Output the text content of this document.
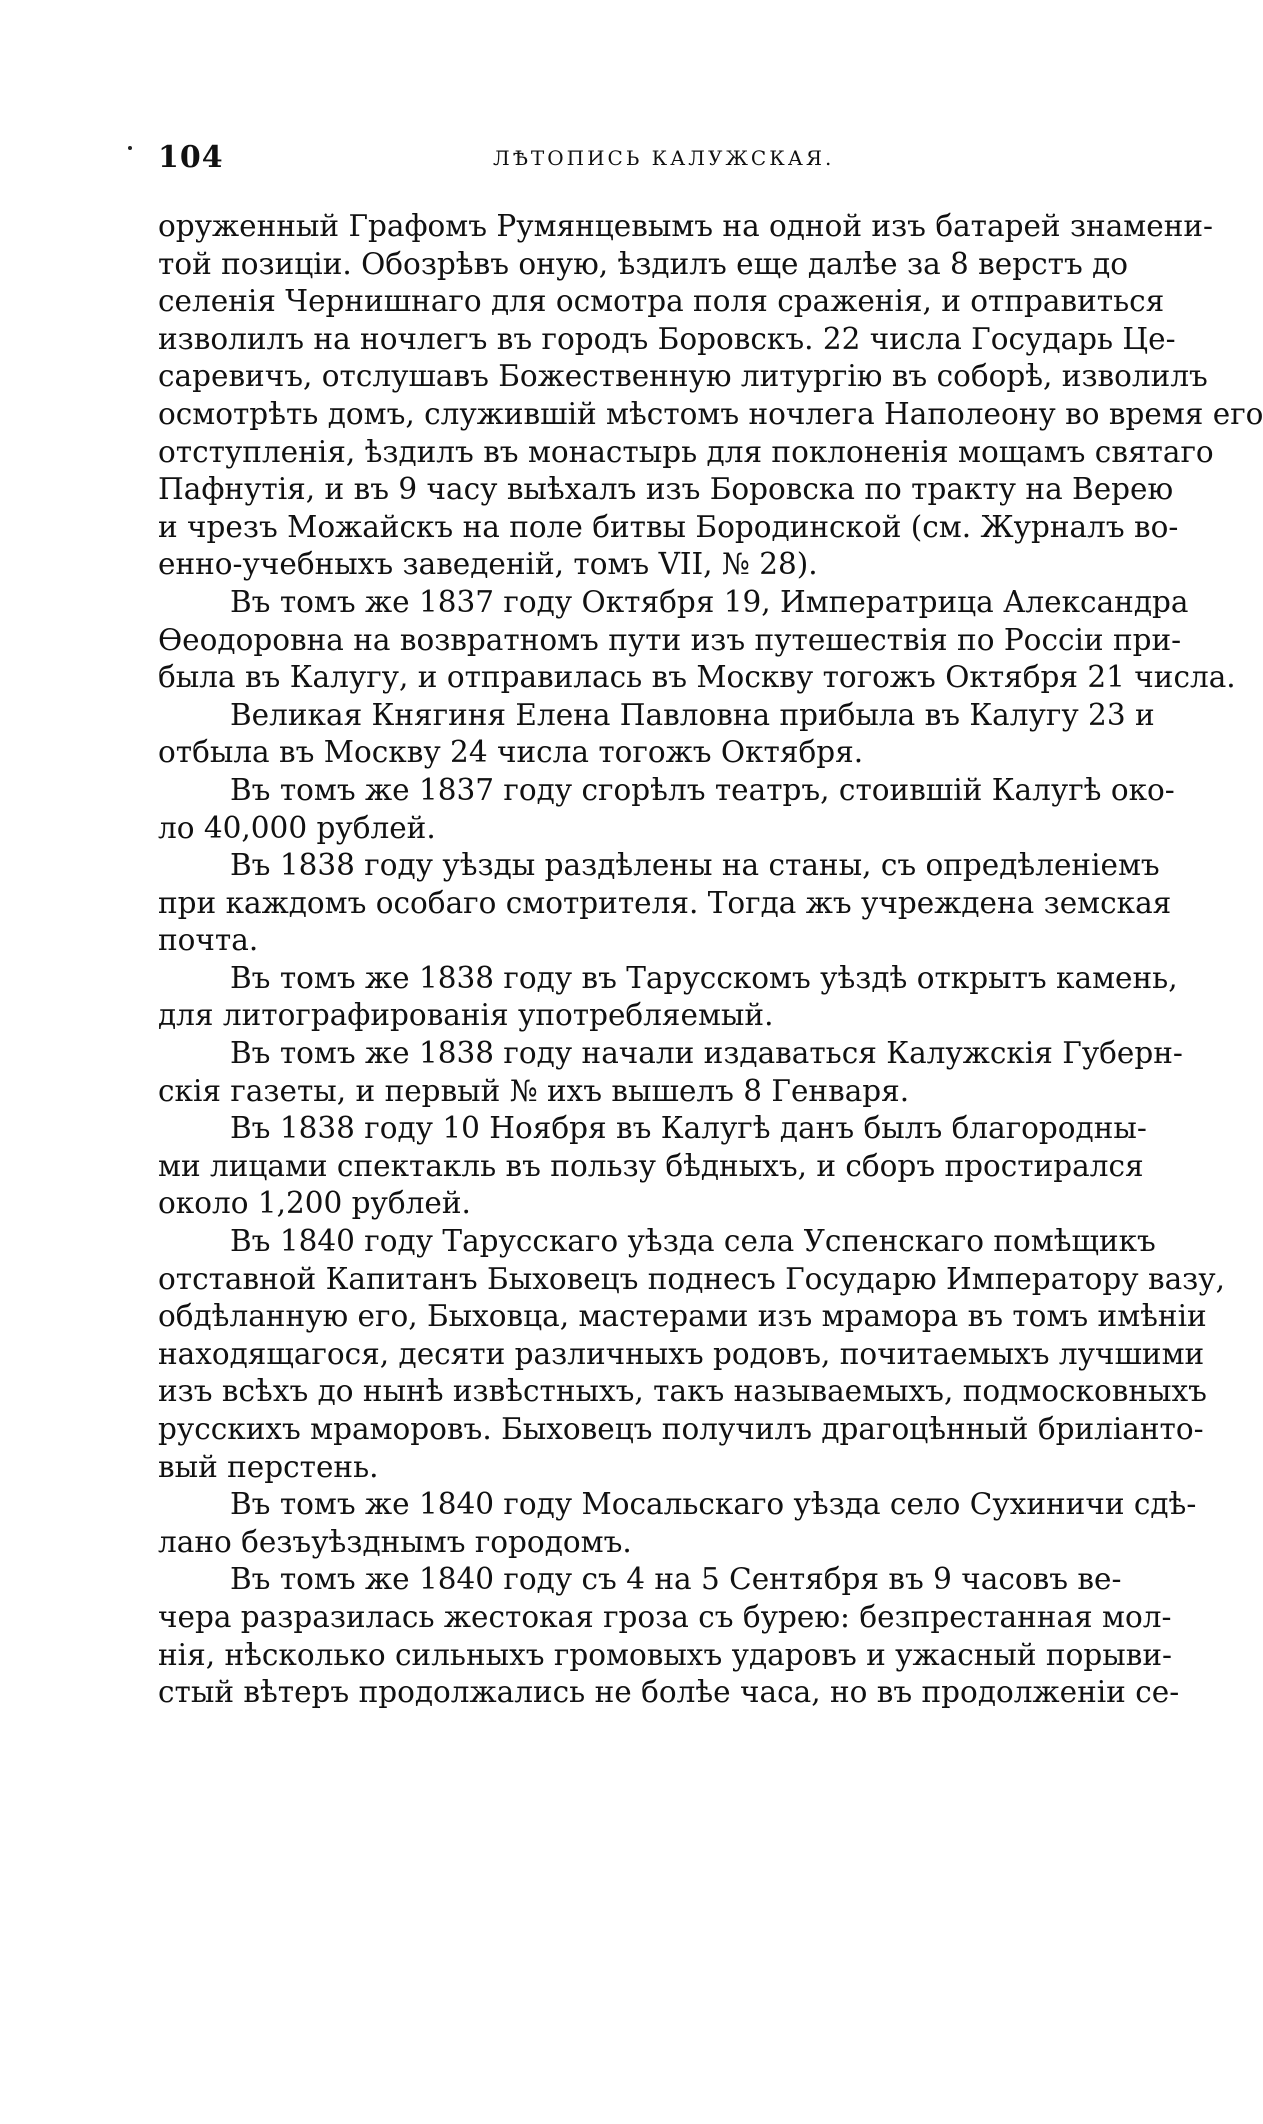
104	ЛѢТОПИСЬ КАЛУЖСКАЯ.
оруженный Графомъ Румянцевымъ на одной изъ батарей знамени-
той позиціи. Обозрѣвъ оную, ѣздилъ еще далѣе за 8 верстъ до
селенія Чернишнаго для осмотра поля сраженія, и отправиться
изволилъ на ночлегъ въ городъ Боровскъ. 22 числа Государь Це-
саревичъ, отслушавъ Божественную литургію въ соборѣ, изволилъ
осмотрѣть домъ, служившій мѣстомъ ночлега Наполеону во время его
отступленія, ѣздилъ въ монастырь для поклоненія мощамъ святаго
Пафнутія, и въ 9 часу выѣхалъ изъ Боровска по тракту на Верею
и чрезъ Можайскъ на поле битвы Бородинской (см. Журналъ во-
енно-учебныхъ заведеній, томъ VII, № 28).
Въ томъ же 1837 году Октября 19, Императрица Александра
Ѳеодоровна на возвратномъ пути изъ путешествія по Россіи при-
была въ Калугу, и отправилась въ Москву тогожъ Октября 21 числа.
Великая Княгиня Елена Павловна прибыла въ Калугу 23 и
отбыла въ Москву 24 числа тогожъ Октября.
Въ томъ же 1837 году сгорѣлъ театръ, стоившій Калугѣ око-
ло 40,000 рублей.
Въ 1838 году уѣзды раздѣлены на станы, съ опредѣленіемъ
при каждомъ особаго смотрителя. Тогда жъ учреждена земская
почта.
Въ томъ же 1838 году въ Тарусскомъ уѣздѣ открытъ камень,
для литографированія употребляемый.
Въ томъ же 1838 году начали издаваться Калужскія Губерн-
скія газеты, и первый № ихъ вышелъ 8 Генваря.
Въ 1838 году 10 Ноября въ Калугѣ данъ былъ благородны-
ми лицами спектакль въ пользу бѣдныхъ, и сборъ простирался
около 1,200 рублей.
Въ 1840 году Тарусскаго уѣзда села Успенскаго помѣщикъ
отставной Капитанъ Быховецъ поднесъ Государю Императору вазу,
обдѣланную его, Быховца, мастерами изъ мрамора въ томъ имѣніи
находящагося, десяти различныхъ родовъ, почитаемыхъ лучшими
изъ всѣхъ до нынѣ извѣстныхъ, такъ называемыхъ, подмосковныхъ
русскихъ мраморовъ. Быховецъ получилъ драгоцѣнный бриліанто-
вый перстень.
Въ томъ же 1840 году Мосальскаго уѣзда село Сухиничи сдѣ-
лано безъуѣзднымъ городомъ.
Въ томъ же 1840 году съ 4 на 5 Сентября въ 9 часовъ ве-
чера разразилась жестокая гроза съ бурею: безпрестанная мол-
нія, нѣсколько сильныхъ громовыхъ ударовъ и ужасный порыви-
стый вѣтеръ продолжались не болѣе часа, но въ продолженіи се-
